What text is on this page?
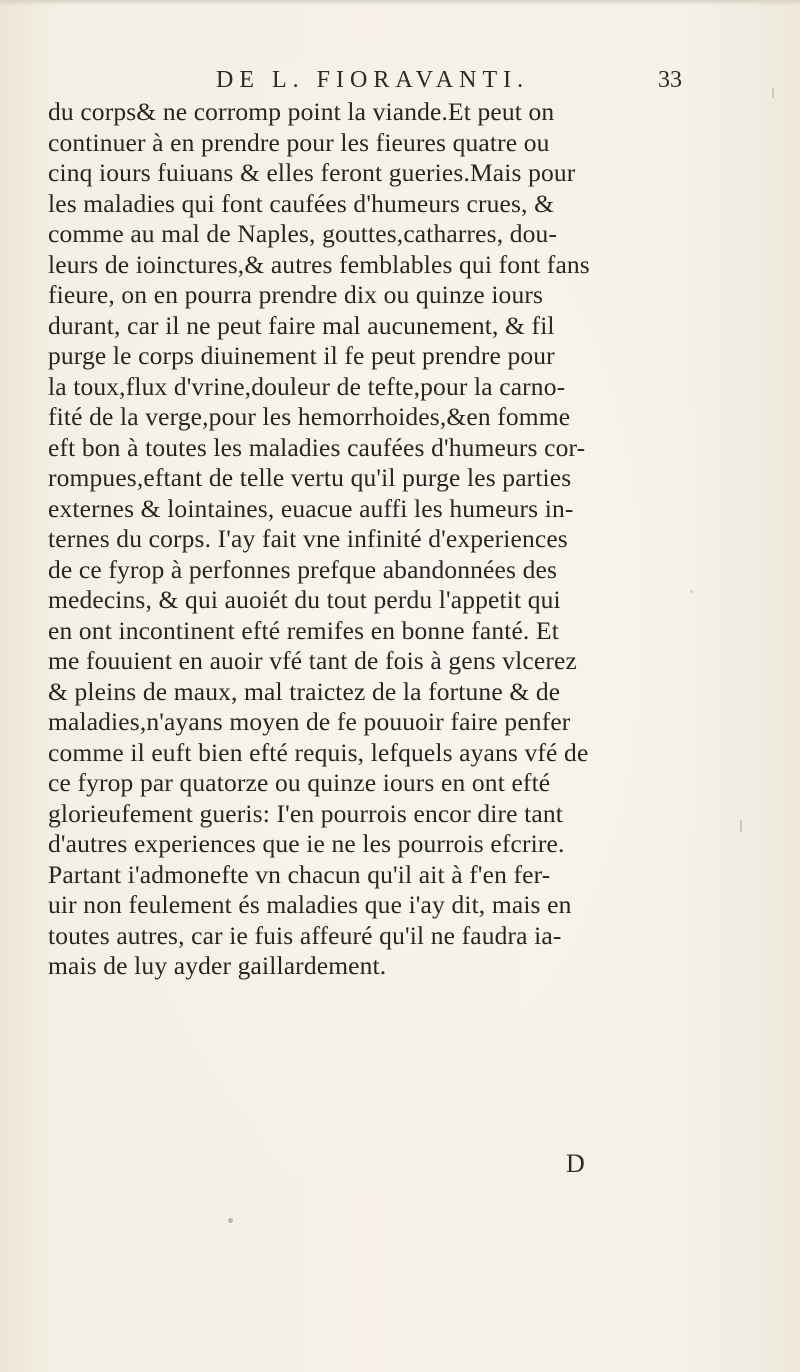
DE L. FIORAVANTI.	33
du corps& ne corromp point la viande.Et peut on
continuer à en prendre pour les fieures quatre ou
cinq iours fuiuans & elles feront gueries.Mais pour
les maladies qui font caufées d'humeurs crues, &
comme au mal de Naples, gouttes,catharres, dou-
leurs de ioinctures,& autres femblables qui font fans
fieure, on en pourra prendre dix ou quinze iours
durant, car il ne peut faire mal aucunement, & fil
purge le corps diuinement il fe peut prendre pour
la toux,flux d'vrine,douleur de tefte,pour la carno-
fité de la verge,pour les hemorrhoides,&en fomme
eft bon à toutes les maladies caufées d'humeurs cor-
rompues,eftant de telle vertu qu'il purge les parties
externes & lointaines, euacue auffi les humeurs in-
ternes du corps. I'ay fait vne infinité d'experiences
de ce fyrop à perfonnes prefque abandonnées des
medecins, & qui auoiét du tout perdu l'appetit qui
en ont incontinent efté remifes en bonne fanté. Et
me fouuient en auoir vfé tant de fois à gens vlcerez
& pleins de maux, mal traictez de la fortune & de
maladies,n'ayans moyen de fe pouuoir faire penfer
comme il euft bien efté requis, lefquels ayans vfé de
ce fyrop par quatorze ou quinze iours en ont efté
glorieufement gueris: I'en pourrois encor dire tant
d'autres experiences que ie ne les pourrois efcrire.
Partant i'admonefte vn chacun qu'il ait à f'en fer-
uir non feulement és maladies que i'ay dit, mais en
toutes autres, car ie fuis affeuré qu'il ne faudra ia-
mais de luy ayder gaillardement.
D
